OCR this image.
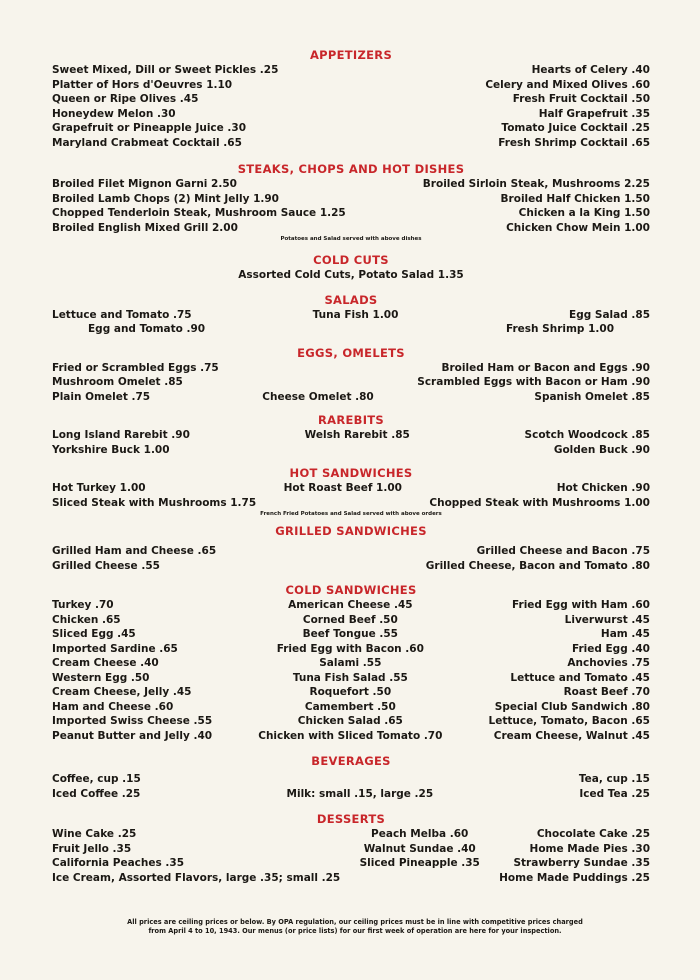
APPETIZERS
Sweet Mixed, Dill or Sweet Pickles .25
Platter of Hors d'Oeuvres 1.10
Queen or Ripe Olives .45
Honeydew Melon .30
Grapefruit or Pineapple Juice .30
Maryland Crabmeat Cocktail .65
Hearts of Celery .40
Celery and Mixed Olives .60
Fresh Fruit Cocktail .50
Half Grapefruit .35
Tomato Juice Cocktail .25
Fresh Shrimp Cocktail .65
STEAKS, CHOPS AND HOT DISHES
Broiled Filet Mignon Garni 2.50
Broiled Lamb Chops (2) Mint Jelly 1.90
Chopped Tenderloin Steak, Mushroom Sauce 1.25
Broiled English Mixed Grill 2.00
Broiled Sirloin Steak, Mushrooms 2.25
Broiled Half Chicken 1.50
Chicken a la King 1.50
Chicken Chow Mein 1.00
Potatoes and Salad served with above dishes
COLD CUTS
Assorted Cold Cuts, Potato Salad 1.35
SALADS
Lettuce and Tomato .75
Egg and Tomato .90
Tuna Fish 1.00	Egg Salad .85
Fresh Shrimp 1.00
EGGS, OMELETS
Fried or Scrambled Eggs .75
Mushroom Omelet .85
Plain Omelet .75	Cheese Omelet .80
Broiled Ham or Bacon and Eggs .90
Scrambled Eggs with Bacon or Ham .90
Spanish Omelet .85
RAREBITS
Long Island Rarebit .90
Yorkshire Buck 1.00
Welsh Rarebit .85	Scotch Woodcock .85
Golden Buck .90
HOT SANDWICHES
Hot Turkey 1.00
Sliced Steak with Mushrooms 1.75
Hot Roast Beef 1.00	Hot Chicken .90
Chopped Steak with Mushrooms 1.00
French Fried Potatoes and Salad served with above orders
GRILLED SANDWICHES
Grilled Ham and Cheese .65
Grilled Cheese .55
Grilled Cheese and Bacon .75
Grilled Cheese, Bacon and Tomato .80
COLD SANDWICHES
Turkey .70
Chicken .65
Sliced Egg .45
Imported Sardine .65
Cream Cheese .40
Western Egg .50
Cream Cheese, Jelly .45
Ham and Cheese .60
Imported Swiss Cheese .55
Peanut Butter and Jelly .40
American Cheese .45
Corned Beef .50
Beef Tongue .55
Fried Egg with Bacon .60
Salami .55
Tuna Fish Salad .55
Roquefort .50
Camembert .50
Chicken Salad .65
Chicken with Sliced Tomato .70
Fried Egg with Ham .60
Liverwurst .45
Ham .45
Fried Egg .40
Anchovies .75
Lettuce and Tomato .45
Roast Beef .70
Special Club Sandwich .80
Lettuce, Tomato, Bacon .65
Cream Cheese, Walnut .45
BEVERAGES
Coffee, cup .15
Iced Coffee .25	Milk: small .15, large .25
Tea, cup .15
Iced Tea .25
DESSERTS
Wine Cake .25
Fruit Jello .35
California Peaches .35
Ice Cream, Assorted Flavors, large .35; small .25
Peach Melba .60
Walnut Sundae .40
Sliced Pineapple .35
Chocolate Cake .25
Home Made Pies .30
Strawberry Sundae .35
Home Made Puddings .25
All prices are ceiling prices or below. By OPA regulation, our ceiling prices must be in line with competitive prices charged from April 4 to 10, 1943. Our menus (or price lists) for our first week of operation are here for your inspection.
